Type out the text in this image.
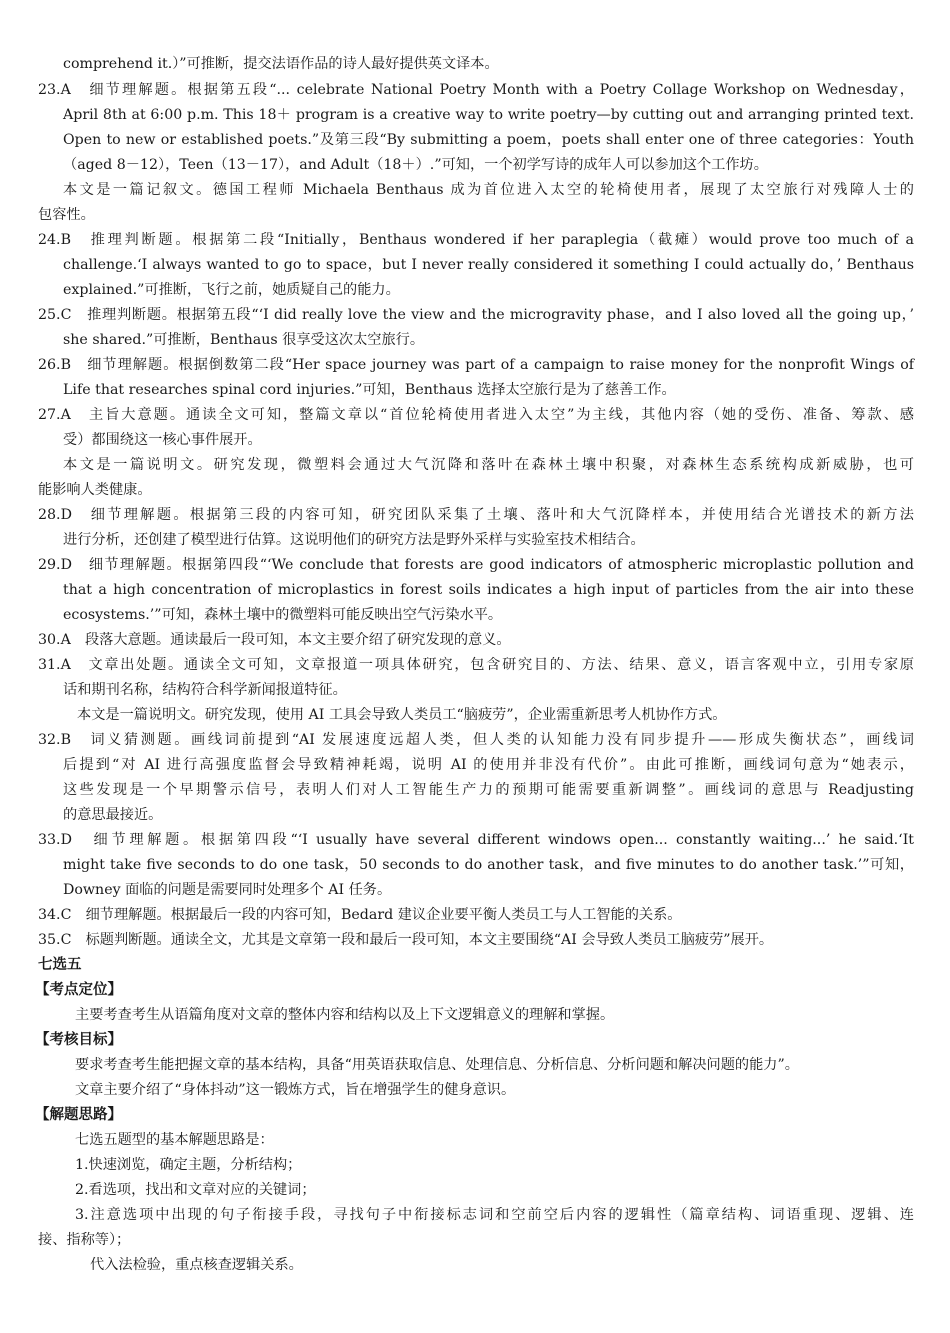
comprehend it.）”可推断，提交法语作品的诗人最好提供英文译本。
23.A　细节理解题。根据第五段“... celebrate National Poetry Month with a Poetry Collage Workshop on Wednesday，
April 8th at 6:00 p.m. This 18＋ program is a creative way to write poetry—by cutting out and arranging printed text.
Open to new or established poets.”及第三段“By submitting a poem，poets shall enter one of three categories：Youth
（aged 8－12），Teen（13－17），and Adult（18＋）.”可知，一个初学写诗的成年人可以参加这个工作坊。
本文是一篇记叙文。德国工程师 Michaela Benthaus 成为首位进入太空的轮椅使用者，展现了太空旅行对残障人士的
包容性。
24.B　推理判断题。根据第二段“Initially，Benthaus wondered if her paraplegia（截瘫）would prove too much of a
challenge.‘I always wanted to go to space，but I never really considered it something I could actually do，’ Benthaus
explained.”可推断，飞行之前，她质疑自己的能力。
25.C　推理判断题。根据第五段“‘I did really love the view and the microgravity phase，and I also loved all the going up，’
she shared.”可推断，Benthaus 很享受这次太空旅行。
26.B　细节理解题。根据倒数第二段“Her space journey was part of a campaign to raise money for the nonprofit Wings of
Life that researches spinal cord injuries.”可知，Benthaus 选择太空旅行是为了慈善工作。
27.A　主旨大意题。通读全文可知，整篇文章以“首位轮椅使用者进入太空”为主线，其他内容（她的受伤、准备、筹款、感
受）都围绕这一核心事件展开。
本文是一篇说明文。研究发现，微塑料会通过大气沉降和落叶在森林土壤中积聚，对森林生态系统构成新威胁，也可
能影响人类健康。
28.D　细节理解题。根据第三段的内容可知，研究团队采集了土壤、落叶和大气沉降样本，并使用结合光谱技术的新方法
进行分析，还创建了模型进行估算。这说明他们的研究方法是野外采样与实验室技术相结合。
29.D　细节理解题。根据第四段“‘We conclude that forests are good indicators of atmospheric microplastic pollution and
that a high concentration of microplastics in forest soils indicates a high input of particles from the air into these
ecosystems.’”可知，森林土壤中的微塑料可能反映出空气污染水平。
30.A　段落大意题。通读最后一段可知，本文主要介绍了研究发现的意义。
31.A　文章出处题。通读全文可知，文章报道一项具体研究，包含研究目的、方法、结果、意义，语言客观中立，引用专家原
话和期刊名称，结构符合科学新闻报道特征。
本文是一篇说明文。研究发现，使用 AI 工具会导致人类员工“脑疲劳”，企业需重新思考人机协作方式。
32.B　词义猜测题。画线词前提到“AI 发展速度远超人类，但人类的认知能力没有同步提升——形成失衡状态”，画线词
后提到“对 AI 进行高强度监督会导致精神耗竭，说明 AI 的使用并非没有代价”。由此可推断，画线词句意为“她表示，
这些发现是一个早期警示信号，表明人们对人工智能生产力的预期可能需要重新调整”。画线词的意思与 Readjusting
的意思最接近。
33.D　细节理解题。根据第四段“‘I usually have several different windows open... constantly waiting...’ he said.‘It
might take five seconds to do one task，50 seconds to do another task，and five minutes to do another task.’”可知，
Downey 面临的问题是需要同时处理多个 AI 任务。
34.C　细节理解题。根据最后一段的内容可知，Bedard 建议企业要平衡人类员工与人工智能的关系。
35.C　标题判断题。通读全文，尤其是文章第一段和最后一段可知，本文主要围绕“AI 会导致人类员工脑疲劳”展开。
七选五
【考点定位】
主要考查考生从语篇角度对文章的整体内容和结构以及上下文逻辑意义的理解和掌握。
【考核目标】
要求考查考生能把握文章的基本结构，具备“用英语获取信息、处理信息、分析信息、分析问题和解决问题的能力”。
文章主要介绍了“身体抖动”这一锻炼方式，旨在增强学生的健身意识。
【解题思路】
七选五题型的基本解题思路是：
1.快速浏览，确定主题，分析结构；
2.看选项，找出和文章对应的关键词；
3.注意选项中出现的句子衔接手段，寻找句子中衔接标志词和空前空后内容的逻辑性（篇章结构、词语重现、逻辑、连
接、指称等）；
代入法检验，重点核查逻辑关系。
